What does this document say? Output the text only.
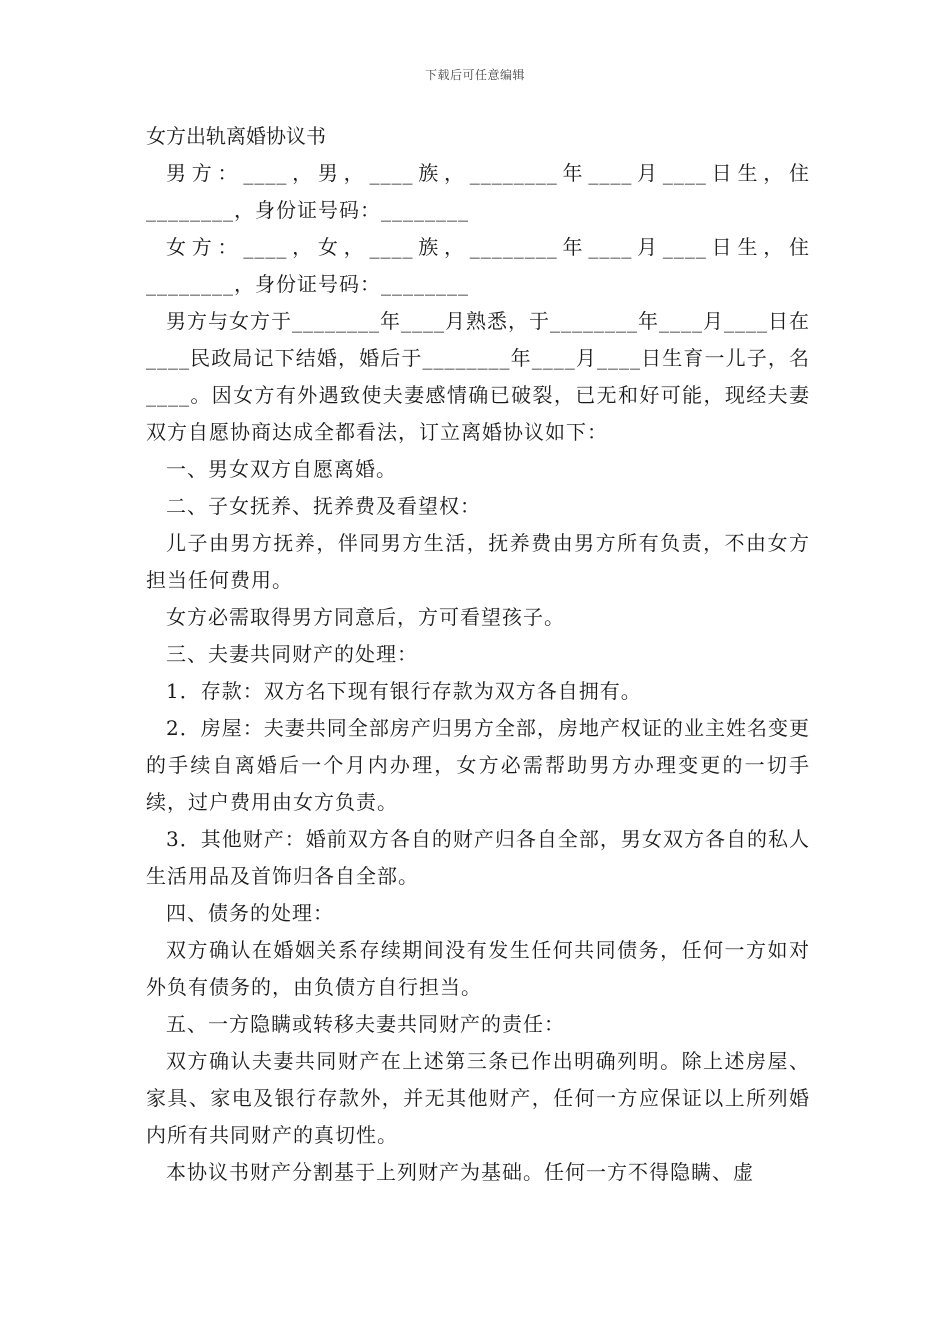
下载后可任意编辑
女方出轨离婚协议书

男方：____，男，____族，________年____月____日生，住________，身份证号码：________

女方：____，女，____族，________年____月____日生，住________，身份证号码：________

男方与女方于________年____月熟悉，于________年____月____日在____民政局记下结婚，婚后于________年____月____日生育一儿子，名____。因女方有外遇致使夫妻感情确已破裂，已无和好可能，现经夫妻双方自愿协商达成全都看法，订立离婚协议如下：

一、男女双方自愿离婚。

二、子女抚养、抚养费及看望权：

儿子由男方抚养，伴同男方生活，抚养费由男方所有负责，不由女方担当任何费用。

女方必需取得男方同意后，方可看望孩子。

三、夫妻共同财产的处理：

1．存款：双方名下现有银行存款为双方各自拥有。

2．房屋：夫妻共同全部房产归男方全部，房地产权证的业主姓名变更的手续自离婚后一个月内办理，女方必需帮助男方办理变更的一切手续，过户费用由女方负责。

3．其他财产：婚前双方各自的财产归各自全部，男女双方各自的私人生活用品及首饰归各自全部。

四、债务的处理：

双方确认在婚姻关系存续期间没有发生任何共同债务，任何一方如对外负有债务的，由负债方自行担当。

五、一方隐瞒或转移夫妻共同财产的责任：

双方确认夫妻共同财产在上述第三条已作出明确列明。除上述房屋、家具、家电及银行存款外，并无其他财产，任何一方应保证以上所列婚内所有共同财产的真切性。

本协议书财产分割基于上列财产为基础。任何一方不得隐瞒、虚
